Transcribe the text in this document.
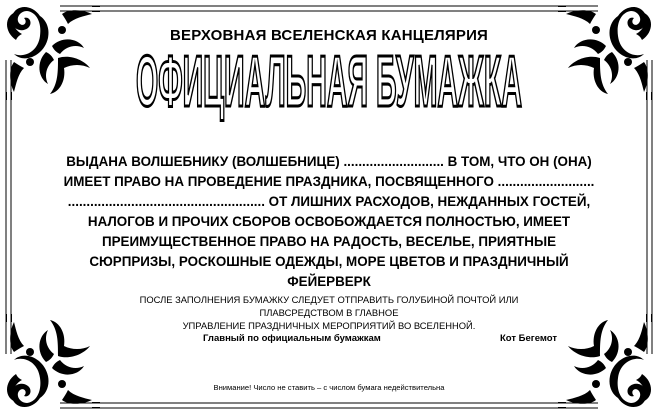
ВЕРХОВНАЯ ВСЕЛЕНСКАЯ КАНЦЕЛЯРИЯ
ОФИЦИАЛЬНАЯ БУМАЖКА
ВЫДАНА ВОЛШЕБНИКУ (ВОЛШЕБНИЦЕ) ........................... В ТОМ, ЧТО ОН (ОНА)
ИМЕЕТ ПРАВО НА ПРОВЕДЕНИЕ ПРАЗДНИКА, ПОСВЯЩЕННОГО ..........................
..................................................... ОТ ЛИШНИХ РАСХОДОВ, НЕЖДАННЫХ ГОСТЕЙ,
НАЛОГОВ И ПРОЧИХ СБОРОВ ОСВОБОЖДАЕТСЯ ПОЛНОСТЬЮ, ИМЕЕТ
ПРЕИМУЩЕСТВЕННОЕ ПРАВО НА РАДОСТЬ, ВЕСЕЛЬЕ, ПРИЯТНЫЕ
СЮРПРИЗЫ, РОСКОШНЫЕ ОДЕЖДЫ, МОРЕ ЦВЕТОВ И ПРАЗДНИЧНЫЙ
ФЕЙЕРВЕРК
ПОСЛЕ ЗАПОЛНЕНИЯ БУМАЖКУ СЛЕДУЕТ ОТПРАВИТЬ ГОЛУБИНОЙ ПОЧТОЙ ИЛИ ПЛАВСРЕДСТВОМ В ГЛАВНОЕ
УПРАВЛЕНИЕ ПРАЗДНИЧНЫХ МЕРОПРИЯТИЙ ВО ВСЕЛЕННОЙ.
Главный по официальным бумажкам	Кот Бегемот
Внимание! Число не ставить – с числом бумага недействительна
